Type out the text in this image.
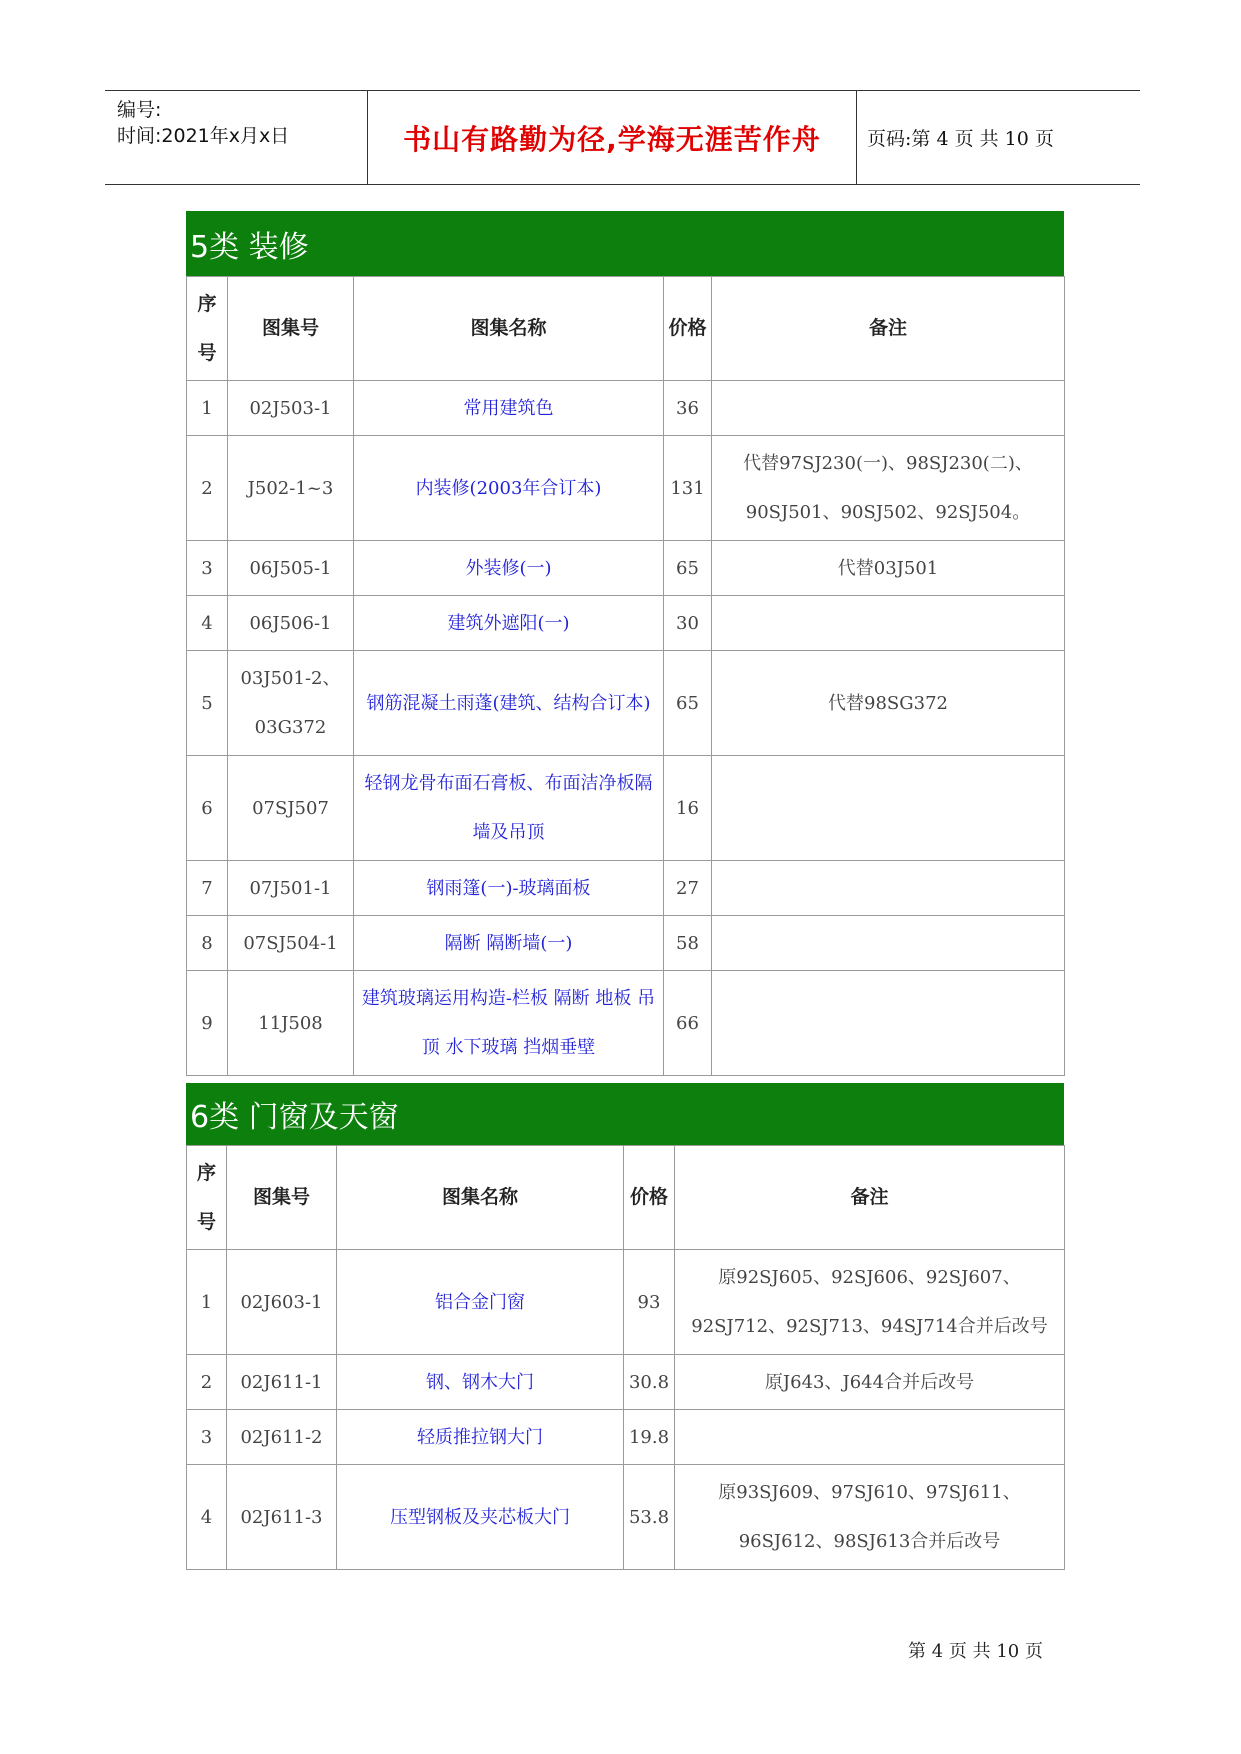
编号:
时间:2021年x月x日	书山有路勤为径,学海无涯苦作舟	页码:第 4 页 共 10 页
5类 装修
序号	图集号	图集名称	价格	备注
1	02J503-1	常用建筑色	36	
2	J502-1~3	内装修(2003年合订本)	131	代替97SJ230(一)、98SJ230(二)、90SJ501、90SJ502、92SJ504。
3	06J505-1	外装修(一)	65	代替03J501
4	06J506-1	建筑外遮阳(一)	30	
5	03J501-2、03G372	钢筋混凝土雨蓬(建筑、结构合订本)	65	代替98SG372
6	07SJ507	轻钢龙骨布面石膏板、布面洁净板隔墙及吊顶	16	
7	07J501-1	钢雨篷(一)-玻璃面板	27	
8	07SJ504-1	隔断 隔断墙(一)	58	
9	11J508	建筑玻璃运用构造-栏板 隔断 地板 吊顶 水下玻璃 挡烟垂壁	66	
6类 门窗及天窗
序号	图集号	图集名称	价格	备注
1	02J603-1	铝合金门窗	93	原92SJ605、92SJ606、92SJ607、92SJ712、92SJ713、94SJ714合并后改号
2	02J611-1	钢、钢木大门	30.8	原J643、J644合并后改号
3	02J611-2	轻质推拉钢大门	19.8	
4	02J611-3	压型钢板及夹芯板大门	53.8	原93SJ609、97SJ610、97SJ611、96SJ612、98SJ613合并后改号
第 4 页 共 10 页
